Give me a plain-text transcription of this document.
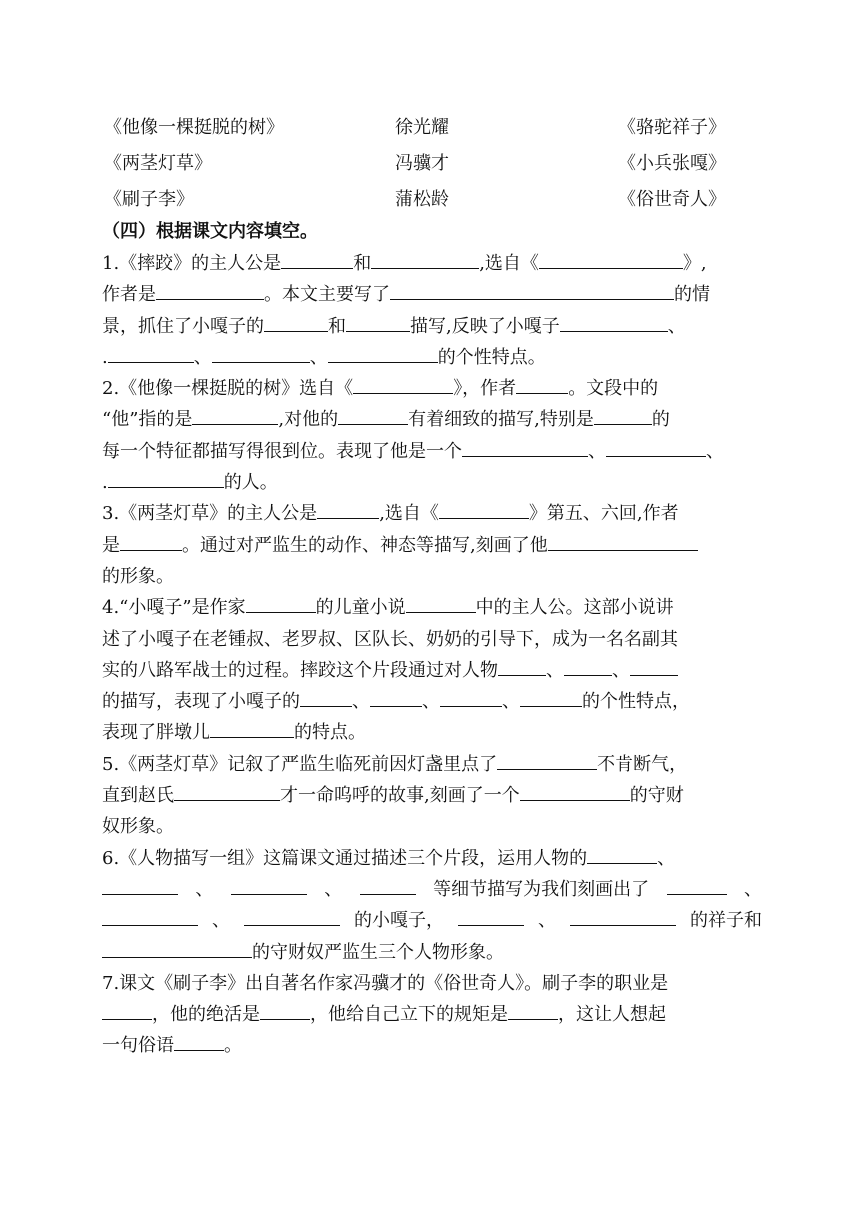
《他像一棵挺脱的树》	徐光耀	《骆驼祥子》
《两茎灯草》	冯骥才	《小兵张嘎》
《刷子李》	蒲松龄	《俗世奇人》
（四）根据课文内容填空。
1.《摔跤》的主人公是	和	,选自《	》,
作者是	。本文主要写了	的情
景，抓住了小嘎子的	和	描写,反映了小嘎子	、
.	、	、	的个性特点。
2.《他像一棵挺脱的树》选自《	》，作者	。文段中的
“他”指的是	,对他的	有着细致的描写,特别是	的
每一个特征都描写得很到位。表现了他是一个	、	、
.	的人。
3.《两茎灯草》的主人公是	,选自《	》第五、六回,作者
是	。通过对严监生的动作、神态等描写,刻画了他
的形象。
4.“小嘎子”是作家	的儿童小说	中的主人公。这部小说讲
述了小嘎子在老锺叔、老罗叔、区队长、奶奶的引导下，成为一名名副其
实的八路军战士的过程。摔跤这个片段通过对人物	、	、
的描写，表现了小嘎子的	、	、	、	的个性特点，
表现了胖墩儿	的特点。
5.《两茎灯草》记叙了严监生临死前因灯盏里点了	不肯断气，
直到赵氏	才一命呜呼的故事,刻画了一个	的守财
奴形象。
6.《人物描写一组》这篇课文通过描述三个片段，运用人物的	、
、	、	等细节描写为我们刻画出了	、
、	的小嘎子，	、	的祥子和
的守财奴严监生三个人物形象。
7.课文《刷子李》出自著名作家冯骥才的《俗世奇人》。刷子李的职业是
，他的绝活是	，他给自己立下的规矩是	，这让人想起
一句俗语	。
